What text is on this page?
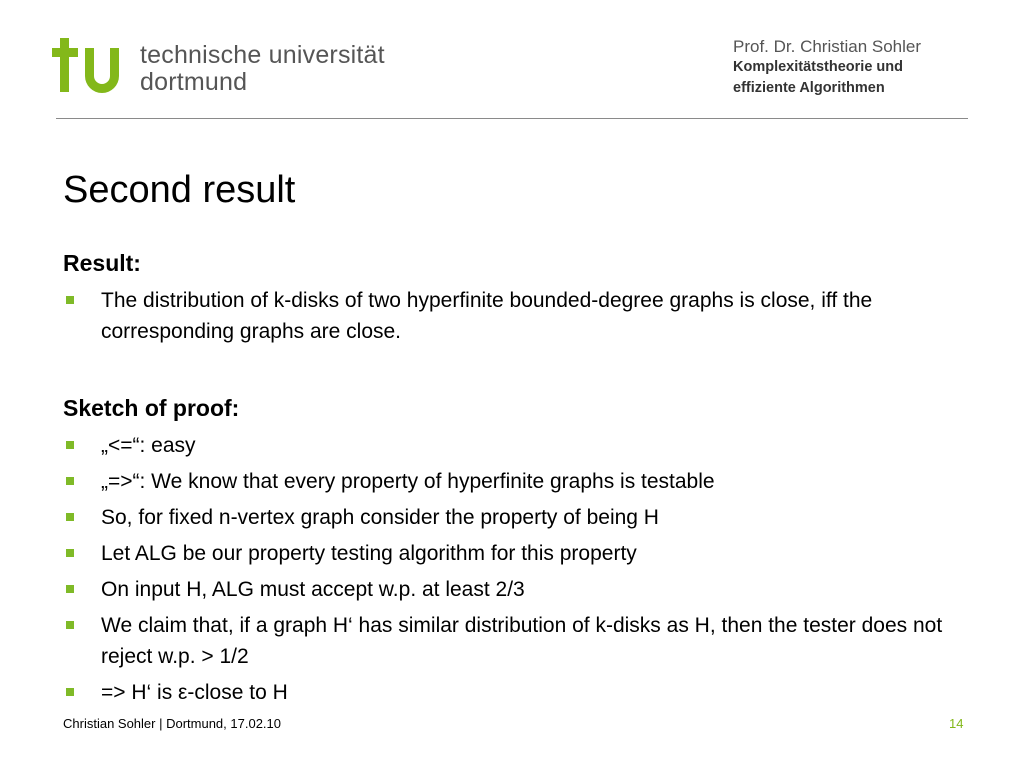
technische universität
dortmund
Prof. Dr. Christian Sohler
Komplexitätstheorie und
effiziente Algorithmen
Second result
Result:
The distribution of k-disks of two hyperfinite bounded-degree graphs is close, iff the corresponding graphs are close.
Sketch of proof:
„<=“: easy
„=>“: We know that every property of hyperfinite graphs is testable
So, for fixed n-vertex graph consider the property of being H
Let ALG be our property testing algorithm for this property
On input H, ALG must accept w.p. at least 2/3
We claim that, if a graph H‘ has similar distribution of k-disks as H, then the tester does not reject w.p. > 1/2
=> H‘ is ε-close to H
Christian Sohler | Dortmund, 17.02.10	14
